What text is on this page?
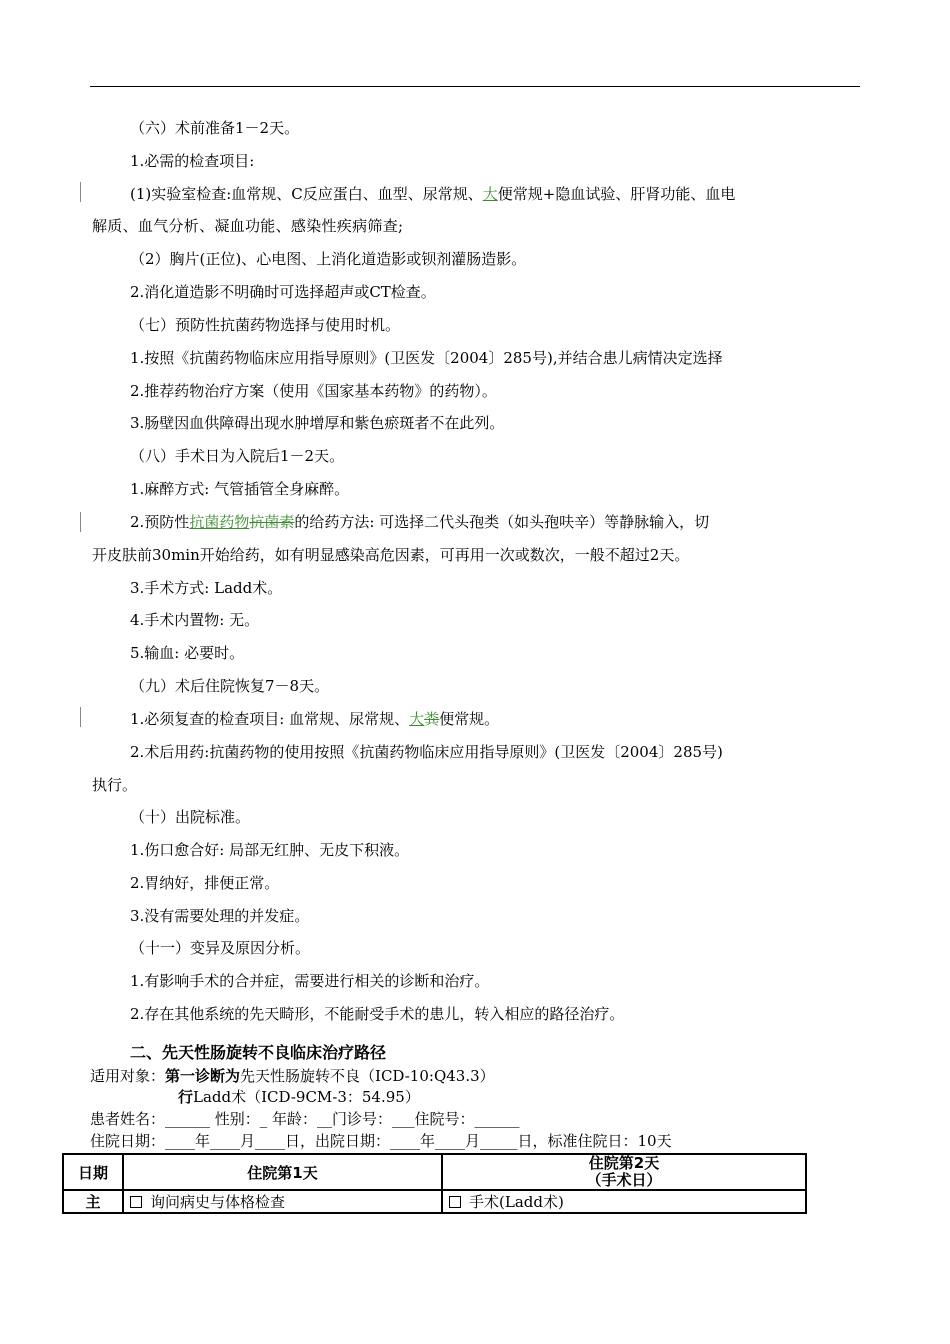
（六）术前准备1－2天。
1.必需的检查项目:
(1)实验室检查:血常规、C反应蛋白、血型、尿常规、大便常规+隐血试验、肝肾功能、血电
解质、血气分析、凝血功能、感染性疾病筛查;
（2）胸片(正位)、心电图、上消化道造影或钡剂灌肠造影。
2.消化道造影不明确时可选择超声或CT检查。
（七）预防性抗菌药物选择与使用时机。
1.按照《抗菌药物临床应用指导原则》(卫医发〔2004〕285号),并结合患儿病情决定选择
2.推荐药物治疗方案（使用《国家基本药物》的药物）。
3.肠壁因血供障碍出现水肿增厚和紫色瘀斑者不在此列。
（八）手术日为入院后1－2天。
1.麻醉方式: 气管插管全身麻醉。
2.预防性抗菌药物抗菌素的给药方法: 可选择二代头孢类（如头孢呋辛）等静脉输入，切
开皮肤前30min开始给药，如有明显感染高危因素，可再用一次或数次，一般不超过2天。
3.手术方式: Ladd术。
4.手术内置物: 无。
5.输血: 必要时。
（九）术后住院恢复7－8天。
1.必须复查的检查项目: 血常规、尿常规、大粪便常规。
2.术后用药:抗菌药物的使用按照《抗菌药物临床应用指导原则》(卫医发〔2004〕285号)
执行。
（十）出院标准。
1.伤口愈合好: 局部无红肿、无皮下积液。
2.胃纳好，排便正常。
3.没有需要处理的并发症。
（十一）变异及原因分析。
1.有影响手术的合并症，需要进行相关的诊断和治疗。
2.存在其他系统的先天畸形，不能耐受手术的患儿，转入相应的路径治疗。
二、先天性肠旋转不良临床治疗路径
适用对象：第一诊断为先天性肠旋转不良（ICD-10:Q43.3）
行Ladd术（ICD-9CM-3：54.95）
患者姓名：______ 性别：_ 年龄：__门诊号：___住院号：______
住院日期：____年____月____日，出院日期：____年____月_____日，标准住院日：10天
日期	住院第1天	住院第2天
（手术日）

主	询问病史与体格检查	手术(Ladd术)
